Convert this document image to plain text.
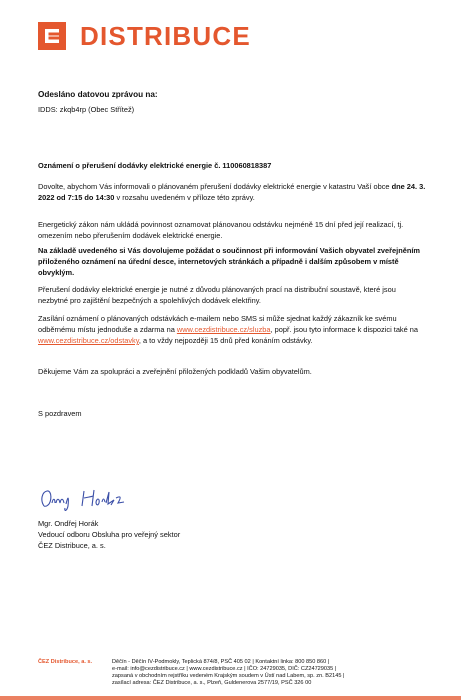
DISTRIBUCE
Odesláno datovou zprávou na:
IDDS: zkqb4rp (Obec Střítež)
Oznámení o přerušení dodávky elektrické energie č. 110060818387
Dovolte, abychom Vás informovali o plánovaném přerušení dodávky elektrické energie v katastru Vaší obce dne 24. 3. 2022 od 7:15 do 14:30 v rozsahu uvedeném v příloze této zprávy.
Energetický zákon nám ukládá povinnost oznamovat plánovanou odstávku nejméně 15 dní před její realizací, tj. omezením nebo přerušením dodávek elektrické energie.
Na základě uvedeného si Vás dovolujeme požádat o součinnost při informování Vašich obyvatel zveřejněním přiloženého oznámení na úřední desce, internetových stránkách a případně i dalším způsobem v místě obvyklým.
Přerušení dodávky elektrické energie je nutné z důvodu plánovaných prací na distribuční soustavě, které jsou nezbytné pro zajištění bezpečných a spolehlivých dodávek elektřiny.
Zasílání oznámení o plánovaných odstávkách e-mailem nebo SMS si může sjednat každý zákazník ke svému odběrnému místu jednoduše a zdarma na www.cezdistribuce.cz/sluzba, popř. jsou tyto informace k dispozici také na www.cezdistribuce.cz/odstavky, a to vždy nejpozději 15 dnů před konáním odstávky.
Děkujeme Vám za spolupráci a zveřejnění přiložených podkladů Vašim obyvatelům.
S pozdravem
Mgr. Ondřej Horák
Vedoucí odboru Obsluha pro veřejný sektor
ČEZ Distribuce, a. s.
ČEZ Distribuce, a. s.	Děčín - Děčín IV-Podmokly, Teplická 874/8, PSČ 405 02 | Kontaktní linka: 800 850 860 |
e-mail: info@cezdistribuce.cz | www.cezdistribuce.cz | IČO: 24729035, DIČ: CZ24729035 |
zapsaná v obchodním rejstříku vedeném Krajským soudem v Ústí nad Labem, sp. zn. B2145 |
zasílací adresa: ČEZ Distribuce, a. s., Plzeň, Guldenerova 2577/19, PSČ 326 00
